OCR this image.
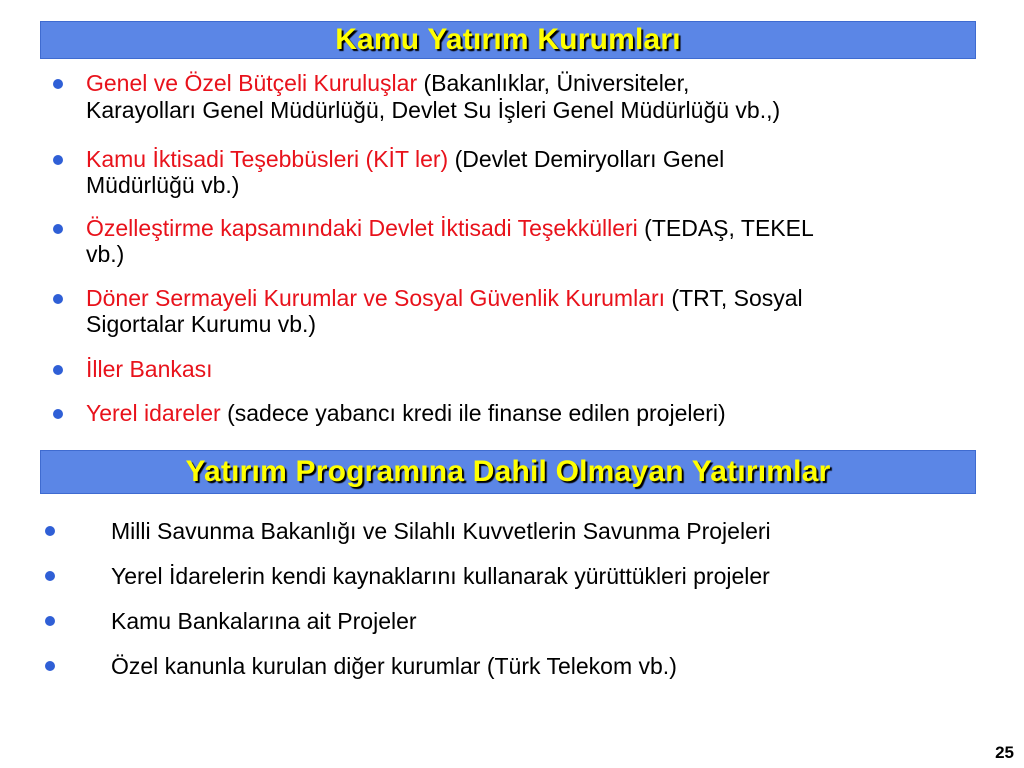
Kamu Yatırım Kurumları
Genel ve Özel Bütçeli Kuruluşlar (Bakanlıklar, Üniversiteler,
Karayolları Genel Müdürlüğü, Devlet Su İşleri Genel Müdürlüğü vb.,)
Kamu İktisadi Teşebbüsleri (KİT ler) (Devlet Demiryolları Genel
Müdürlüğü vb.)
Özelleştirme kapsamındaki Devlet İktisadi Teşekkülleri (TEDAŞ, TEKEL
vb.)
Döner Sermayeli Kurumlar ve Sosyal Güvenlik Kurumları (TRT, Sosyal
Sigortalar Kurumu vb.)
İller Bankası
Yerel idareler (sadece yabancı kredi ile finanse edilen projeleri)
Yatırım Programına Dahil Olmayan Yatırımlar
Milli Savunma Bakanlığı ve Silahlı Kuvvetlerin Savunma Projeleri
Yerel İdarelerin kendi kaynaklarını kullanarak yürüttükleri projeler
Kamu Bankalarına ait Projeler
Özel kanunla kurulan diğer kurumlar (Türk Telekom vb.)
25
